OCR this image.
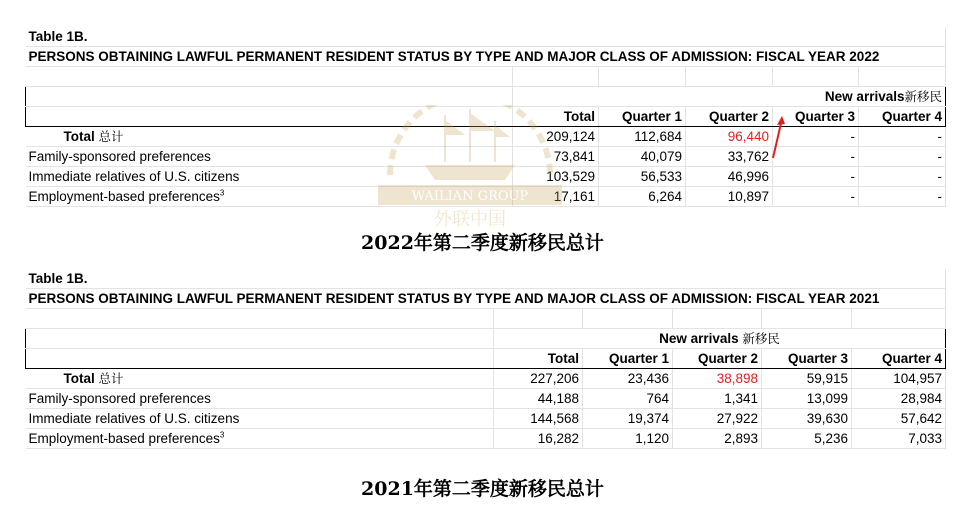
Table 1B.					
PERSONS OBTAINING LAWFUL PERMANENT RESIDENT STATUS BY TYPE AND MAJOR CLASS OF ADMISSION: FISCAL YEAR 2022					

	New arrivals新移民				
	Total	Quarter 1	Quarter 2	Quarter 3	Quarter 4
Total 总计	209,124	112,684	96,440	-	-
Family-sponsored preferences	73,841	40,079	33,762	-	-
Immediate relatives of U.S. citizens	103,529	56,533	46,996	-	-
Employment-based preferences$^3$	17,161	6,264	10,897	-	-
WAILIAN GROUP
外联中国
2022年第二季度新移民总计
Table 1B.					
PERSONS OBTAINING LAWFUL PERMANENT RESIDENT STATUS BY TYPE AND MAJOR CLASS OF ADMISSION: FISCAL YEAR 2021					

	New arrivals 新移民				
	Total	Quarter 1	Quarter 2	Quarter 3	Quarter 4
Total 总计	227,206	23,436	38,898	59,915	104,957
Family-sponsored preferences	44,188	764	1,341	13,099	28,984
Immediate relatives of U.S. citizens	144,568	19,374	27,922	39,630	57,642
Employment-based preferences$^3$	16,282	1,120	2,893	5,236	7,033
2021年第二季度新移民总计
